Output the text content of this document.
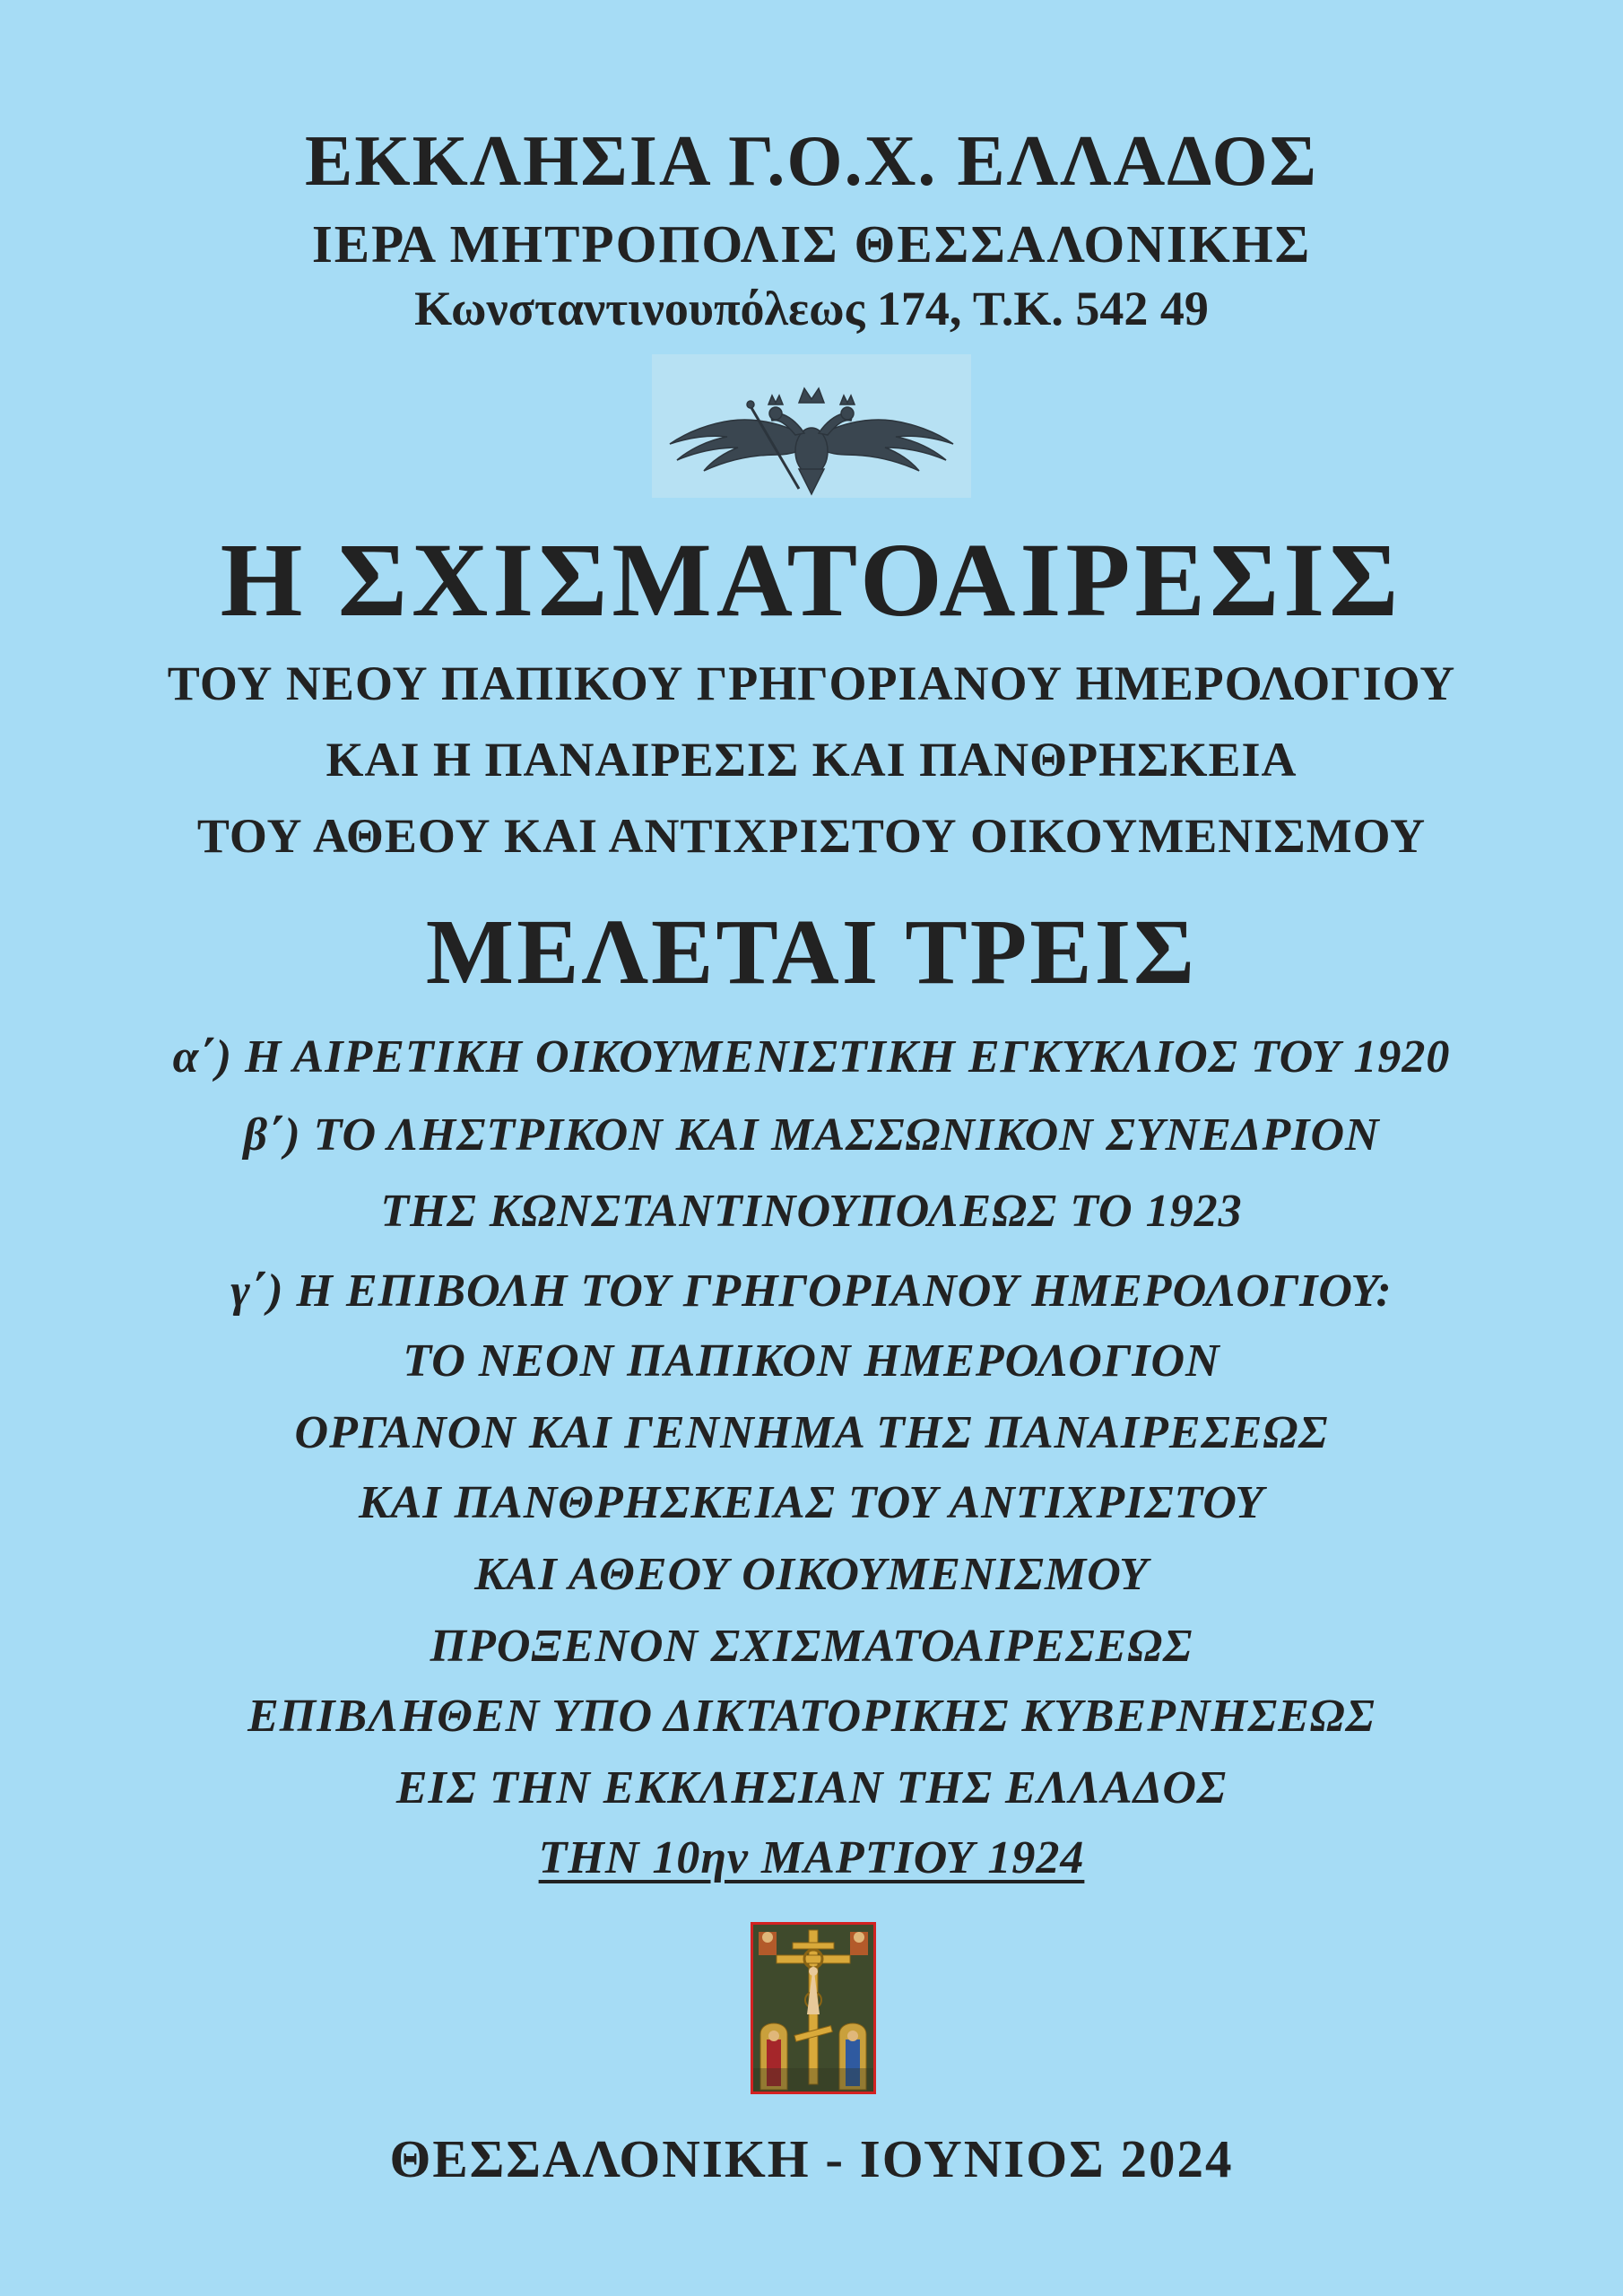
ΕΚΚΛΗΣΙΑ Γ.Ο.Χ. ΕΛΛΑΔΟΣ
ΙΕΡΑ ΜΗΤΡΟΠΟΛΙΣ ΘΕΣΣΑΛΟΝΙΚΗΣ
Κωνσταντινουπόλεως 174, Τ.Κ. 542 49
Η ΣΧΙΣΜΑΤΟΑΙΡΕΣΙΣ
ΤΟΥ ΝΕΟΥ ΠΑΠΙΚΟΥ ΓΡΗΓΟΡΙΑΝΟΥ ΗΜΕΡΟΛΟΓΙΟΥ
ΚΑΙ Η ΠΑΝΑΙΡΕΣΙΣ ΚΑΙ ΠΑΝΘΡΗΣΚΕΙΑ
ΤΟΥ ΑΘΕΟΥ ΚΑΙ ΑΝΤΙΧΡΙΣΤΟΥ ΟΙΚΟΥΜΕΝΙΣΜΟΥ
ΜΕΛΕΤΑΙ ΤΡΕΙΣ
α΄) Η ΑΙΡΕΤΙΚΗ ΟΙΚΟΥΜΕΝΙΣΤΙΚΗ ΕΓΚΥΚΛΙΟΣ ΤΟΥ 1920
β΄) ΤΟ ΛΗΣΤΡΙΚΟΝ ΚΑΙ ΜΑΣΣΩΝΙΚΟΝ ΣΥΝΕΔΡΙΟΝ
ΤΗΣ ΚΩΝΣΤΑΝΤΙΝΟΥΠΟΛΕΩΣ ΤΟ 1923
γ΄) Η ΕΠΙΒΟΛΗ ΤΟΥ ΓΡΗΓΟΡΙΑΝΟΥ ΗΜΕΡΟΛΟΓΙΟΥ:
ΤΟ ΝΕΟΝ ΠΑΠΙΚΟΝ ΗΜΕΡΟΛΟΓΙΟΝ
ΟΡΓΑΝΟΝ ΚΑΙ ΓΕΝΝΗΜΑ ΤΗΣ ΠΑΝΑΙΡΕΣΕΩΣ
ΚΑΙ ΠΑΝΘΡΗΣΚΕΙΑΣ ΤΟΥ ΑΝΤΙΧΡΙΣΤΟΥ
ΚΑΙ ΑΘΕΟΥ ΟΙΚΟΥΜΕΝΙΣΜΟΥ
ΠΡΟΞΕΝΟΝ ΣΧΙΣΜΑΤΟΑΙΡΕΣΕΩΣ
ΕΠΙΒΛΗΘΕΝ ΥΠΟ ΔΙΚΤΑΤΟΡΙΚΗΣ ΚΥΒΕΡΝΗΣΕΩΣ
ΕΙΣ ΤΗΝ ΕΚΚΛΗΣΙΑΝ ΤΗΣ ΕΛΛΑΔΟΣ
ΤΗΝ 10ην ΜΑΡΤΙΟΥ 1924
ΘΕΣΣΑΛΟΝΙΚΗ - ΙΟΥΝΙΟΣ 2024
